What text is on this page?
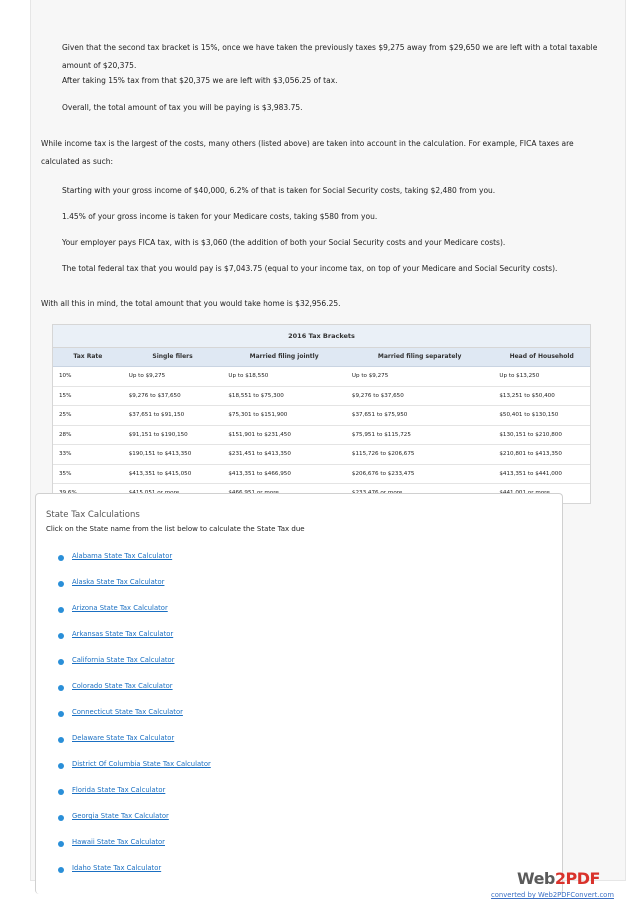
Given that the second tax bracket is 15%, once we have taken the previously taxes $9,275 away from $29,650 we are left with a total taxable amount of $20,375.

After taking 15% tax from that $20,375 we are left with $3,056.25 of tax.

Overall, the total amount of tax you will be paying is $3,983.75.

While income tax is the largest of the costs, many others (listed above) are taken into account in the calculation. For example, FICA taxes are calculated as such:

Starting with your gross income of $40,000, 6.2% of that is taken for Social Security costs, taking $2,480 from you.

1.45% of your gross income is taken for your Medicare costs, taking $580 from you.

Your employer pays FICA tax, with is $3,060 (the addition of both your Social Security costs and your Medicare costs).

The total federal tax that you would pay is $7,043.75 (equal to your income tax, on top of your Medicare and Social Security costs).

With all this in mind, the total amount that you would take home is $32,956.25.

2016 Tax Brackets
Tax Rate	Single filers	Married filing jointly	Married filing separately	Head of Household
10%	Up to $9,275	Up to $18,550	Up to $9,275	Up to $13,250
15%	$9,276 to $37,650	$18,551 to $75,300	$9,276 to $37,650	$13,251 to $50,400
25%	$37,651 to $91,150	$75,301 to $151,900	$37,651 to $75,950	$50,401 to $130,150
28%	$91,151 to $190,150	$151,901 to $231,450	$75,951 to $115,725	$130,151 to $210,800
33%	$190,151 to $413,350	$231,451 to $413,350	$115,726 to $206,675	$210,801 to $413,350
35%	$413,351 to $415,050	$413,351 to $466,950	$206,676 to $233,475	$413,351 to $441,000
State Tax Calculations
Click on the State name from the list below to calculate the State Tax due
Alabama State Tax Calculator
Alaska State Tax Calculator
Arizona State Tax Calculator
Arkansas State Tax Calculator
California State Tax Calculator
Colorado State Tax Calculator
Connecticut State Tax Calculator
Delaware State Tax Calculator
District Of Columbia State Tax Calculator
Florida State Tax Calculator
Georgia State Tax Calculator
Hawaii State Tax Calculator
Idaho State Tax Calculator
Web2PDF
converted by Web2PDFConvert.com
